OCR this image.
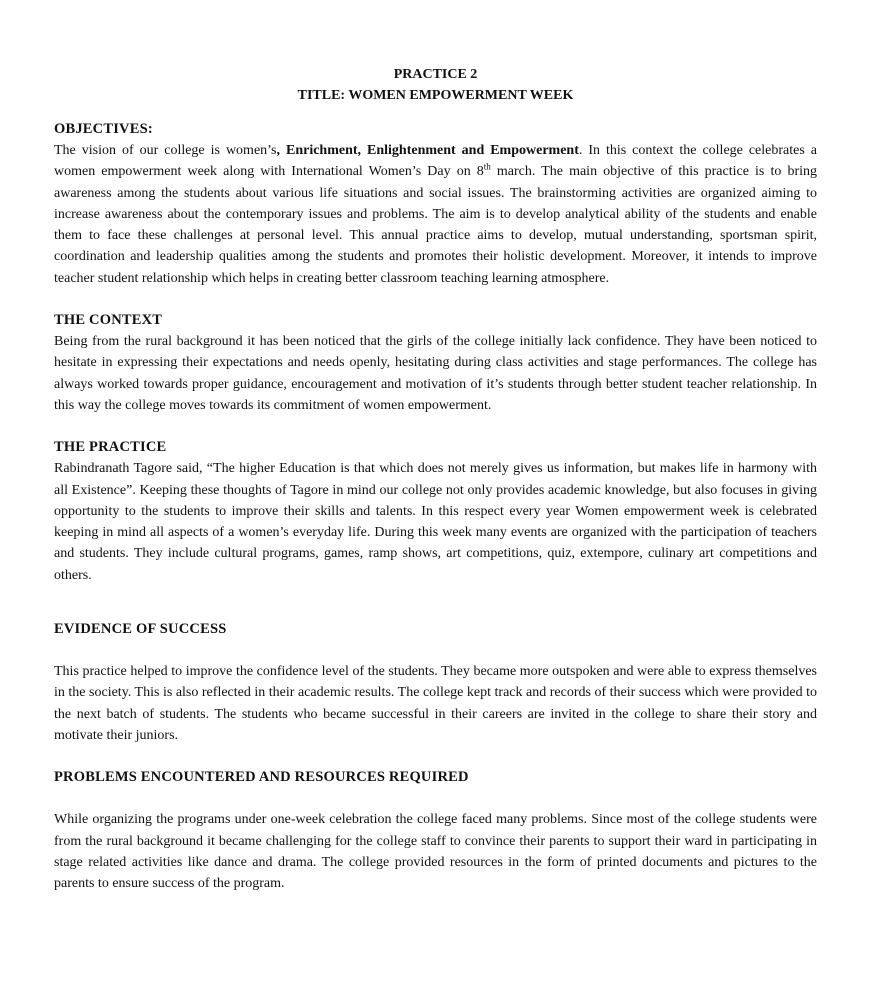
PRACTICE 2
TITLE: WOMEN EMPOWERMENT WEEK
OBJECTIVES:

The vision of our college is women’s, Enrichment, Enlightenment and Empowerment. In this context the college celebrates a women empowerment week along with International Women’s Day on 8th march. The main objective of this practice is to bring awareness among the students about various life situations and social issues. The brainstorming activities are organized aiming to increase awareness about the contemporary issues and problems. The aim is to develop analytical ability of the students and enable them to face these challenges at personal level. This annual practice aims to develop, mutual understanding, sportsman spirit, coordination and leadership qualities among the students and promotes their holistic development. Moreover, it intends to improve teacher student relationship which helps in creating better classroom teaching learning atmosphere.

THE CONTEXT

Being from the rural background it has been noticed that the girls of the college initially lack confidence. They have been noticed to hesitate in expressing their expectations and needs openly, hesitating during class activities and stage performances. The college has always worked towards proper guidance, encouragement and motivation of it’s students through better student teacher relationship. In this way the college moves towards its commitment of women empowerment.

THE PRACTICE

Rabindranath Tagore said, “The higher Education is that which does not merely gives us information, but makes life in harmony with all Existence”. Keeping these thoughts of Tagore in mind our college not only provides academic knowledge, but also focuses in giving opportunity to the students to improve their skills and talents. In this respect every year Women empowerment week is celebrated keeping in mind all aspects of a women’s everyday life. During this week many events are organized with the participation of teachers and students. They include cultural programs, games, ramp shows, art competitions, quiz, extempore, culinary art competitions and others.

EVIDENCE OF SUCCESS

This practice helped to improve the confidence level of the students. They became more outspoken and were able to express themselves in the society. This is also reflected in their academic results. The college kept track and records of their success which were provided to the next batch of students. The students who became successful in their careers are invited in the college to share their story and motivate their juniors.

PROBLEMS ENCOUNTERED AND RESOURCES REQUIRED

While organizing the programs under one-week celebration the college faced many problems. Since most of the college students were from the rural background it became challenging for the college staff to convince their parents to support their ward in participating in stage related activities like dance and drama. The college provided resources in the form of printed documents and pictures to the parents to ensure success of the program.
